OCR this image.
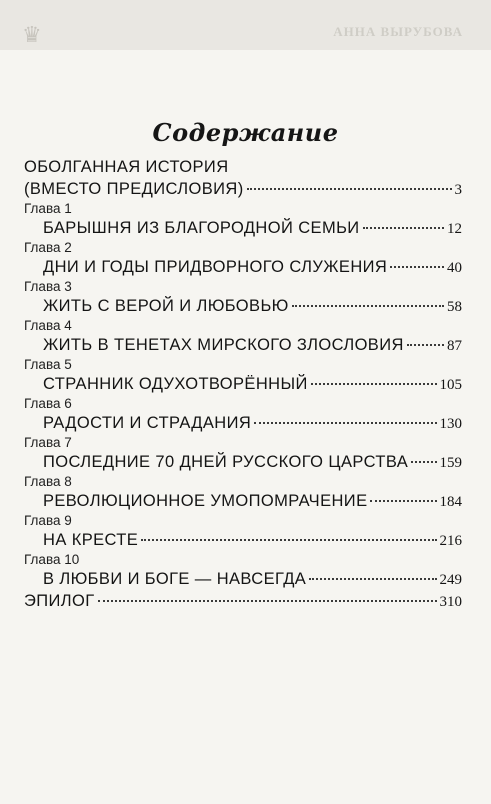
♛	АННА ВЫРУБОВА
Содержание
ОБОЛГАННАЯ ИСТОРИЯ
(ВМЕСТО ПРЕДИСЛОВИЯ)	3
Глава 1
БАРЫШНЯ ИЗ БЛАГОРОДНОЙ СЕМЬИ	12
Глава 2
ДНИ И ГОДЫ ПРИДВОРНОГО СЛУЖЕНИЯ	40
Глава 3
ЖИТЬ С ВЕРОЙ И ЛЮБОВЬЮ	58
Глава 4
ЖИТЬ В ТЕНЕТАХ МИРСКОГО ЗЛОСЛОВИЯ	87
Глава 5
СТРАННИК ОДУХОТВОРЁННЫЙ	105
Глава 6
РАДОСТИ И СТРАДАНИЯ	130
Глава 7
ПОСЛЕДНИЕ 70 ДНЕЙ РУССКОГО ЦАРСТВА 159
Глава 8
РЕВОЛЮЦИОННОЕ УМОПОМРАЧЕНИЕ	184
Глава 9
НА КРЕСТЕ	216
Глава 10
В ЛЮБВИ И БОГЕ — НАВСЕГДА	249
ЭПИЛОГ	310
